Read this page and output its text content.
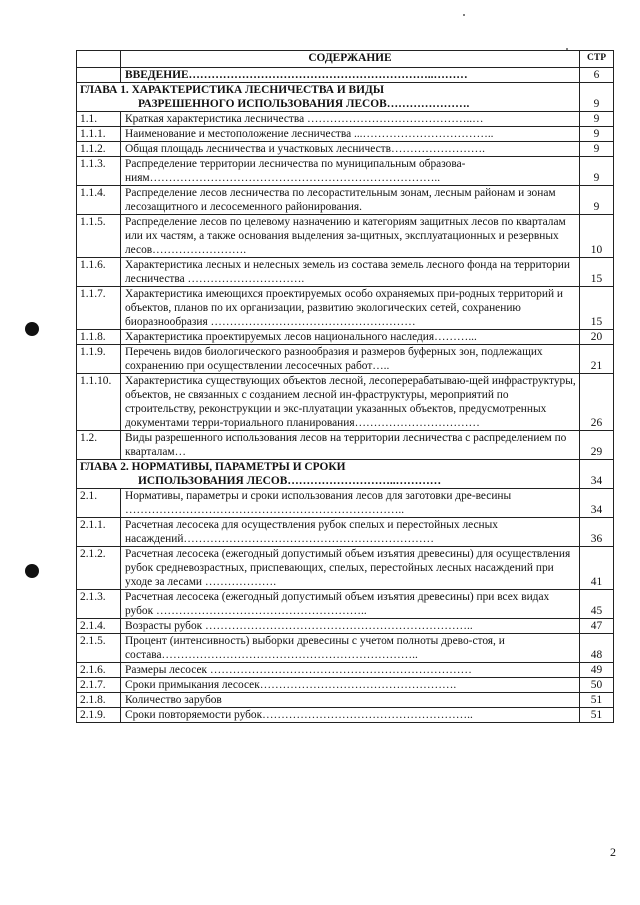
	СОДЕРЖАНИЕ	СТР
	ВВЕДЕНИЕ………………………………………………………..………	6

ГЛАВА 1. ХАРАКТЕРИСТИКА ЛЕСНИЧЕСТВА И ВИДЫ
РАЗРЕШЕННОГО ИСПОЛЬЗОВАНИЯ ЛЕСОВ………………….		9
1.1.	Краткая характеристика лесничества ……………………………………..…	9
1.1.1.	Наименование и местоположение лесничества ...……………………………..	9
1.1.2.	Общая площадь лесничества и участковых лесничеств…………………….	9
1.1.3.	Распределение территории лесничества по муниципальным образова-ниям…………………………………………………………………..	9
1.1.4.	Распределение лесов лесничества по лесорастительным зонам, лесным районам и зонам лесозащитного и лесосеменного районирования.	9
1.1.5.	Распределение лесов по целевому назначению и категориям защитных лесов по кварталам или их частям, а также основания выделения за-щитных, эксплуатационных и резервных лесов…………………….	10
1.1.6.	Характеристика лесных и нелесных земель из состава земель лесного фонда на территории лесничества ………………………….	15
1.1.7.	Характеристика имеющихся проектируемых особо охраняемых при-родных территорий и объектов, планов по их организации, развитию экологических сетей, сохранению биоразнообразия ………………………………………………	15
1.1.8.	Характеристика проектируемых лесов национального наследия………...	20
1.1.9.	Перечень видов биологического разнообразия и размеров буферных зон, подлежащих сохранению при осуществлении лесосечных работ…..	21
1.1.10.	Характеристика существующих объектов лесной, лесоперерабатываю-щей инфраструктуры, объектов, не связанных с созданием лесной ин-фраструктуры, мероприятий по строительству, реконструкции и экс-плуатации указанных объектов, предусмотренных документами терри-ториального планирования……………………………	26
1.2.	Виды разрешенного использования лесов на территории лесничества с распределением по кварталам…	29

ГЛАВА 2. НОРМАТИВЫ, ПАРАМЕТРЫ И СРОКИ
ИСПОЛЬЗОВАНИЯ ЛЕСОВ………………………..…………		34
2.1.	Нормативы, параметры и сроки использования лесов для заготовки дре-весины ………………………………………………………………..	34
2.1.1.	Расчетная лесосека для осуществления рубок спелых и перестойных лесных насаждений…………………………………………………………	36
2.1.2.	Расчетная лесосека (ежегодный допустимый объем изъятия древесины) для осуществления рубок средневозрастных, приспевающих, спелых, перестойных лесных насаждений при уходе за лесами ……………….	41
2.1.3.	Расчетная лесосека (ежегодный допустимый объем изъятия древесины) при всех видах рубок ………………………………………………..	45
2.1.4.	Возрасты рубок ……………………………………………………………..	47
2.1.5.	Процент (интенсивность) выборки древесины с учетом полноты древо-стоя, и состава…………………………………………………………..	48
2.1.6.	Размеры лесосек ……………………………………………………………	49
2.1.7.	Сроки примыкания лесосек…………………………………………….	50
2.1.8.	Количество зарубов	51
2.1.9.	Сроки повторяемости рубок………………………………………………..	51
2
